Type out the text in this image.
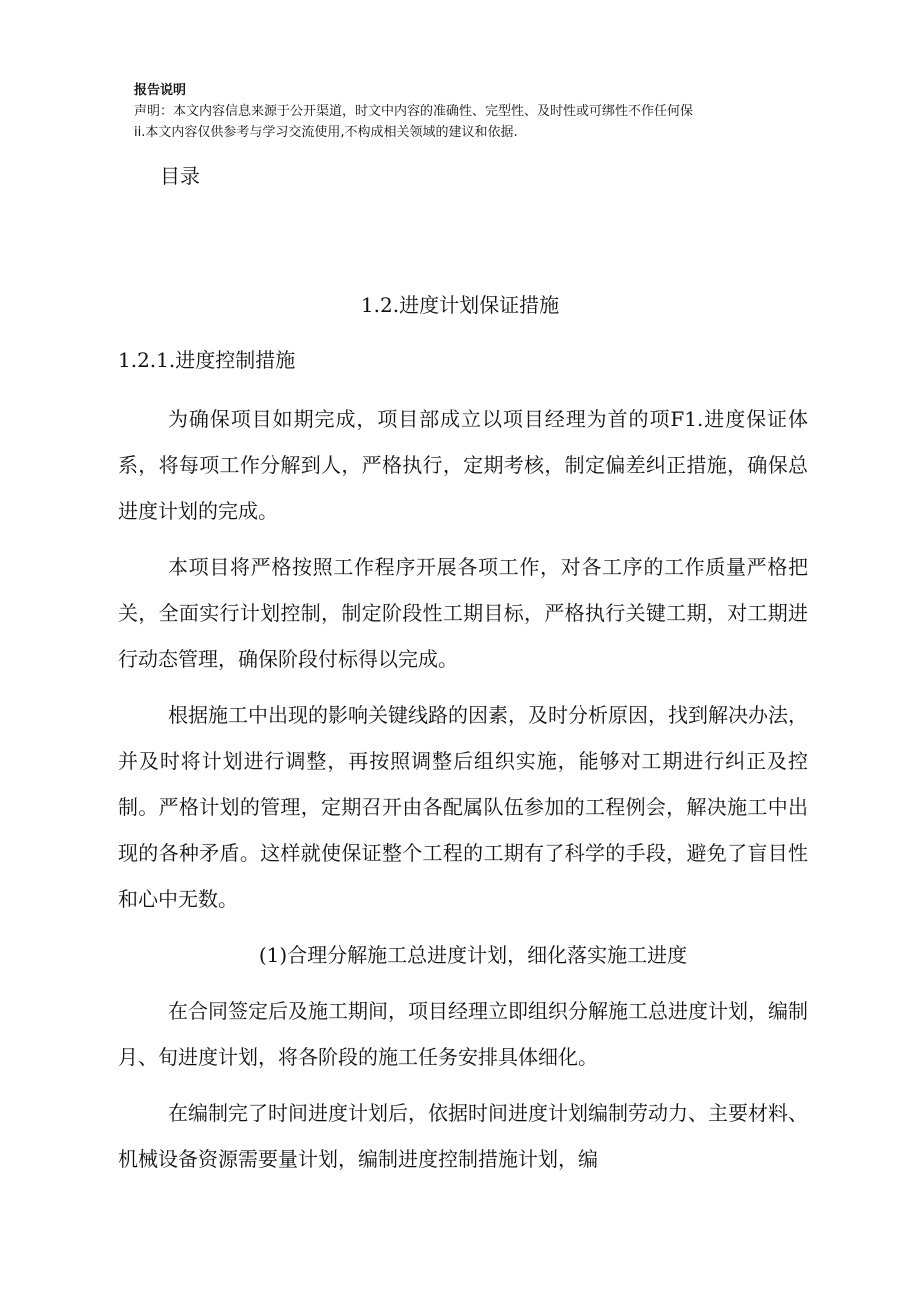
报告说明
声明：本文内容信息来源于公开渠道，时文中内容的准确性、完型性、及时性或可绑性不作任何保
ii.本文内容仅供参考与学习交流使用,不构成相关领域的建议和依据.
目录
1.2.进度计划保证措施
1.2.1.进度控制措施

为确保项目如期完成，项目部成立以项目经理为首的项F1.进度保证体系，将每项工作分解到人，严格执行，定期考核，制定偏差纠正措施，确保总进度计划的完成。

本项目将严格按照工作程序开展各项工作，对各工序的工作质量严格把关，全面实行计划控制，制定阶段性工期目标，严格执行关键工期，对工期进行动态管理，确保阶段付标得以完成。

根据施工中出现的影响关键线路的因素，及时分析原因，找到解决办法，并及时将计划进行调整，再按照调整后组织实施，能够对工期进行纠正及控制。严格计划的管理，定期召开由各配属队伍参加的工程例会，解决施工中出现的各种矛盾。这样就使保证整个工程的工期有了科学的手段，避免了盲目性和心中无数。

(1)合理分解施工总进度计划，细化落实施工进度

在合同签定后及施工期间，项目经理立即组织分解施工总进度计划，编制月、旬进度计划，将各阶段的施工任务安排具体细化。

在编制完了时间进度计划后，依据时间进度计划编制劳动力、主要材料、机械设备资源需要量计划，编制进度控制措施计划，编
